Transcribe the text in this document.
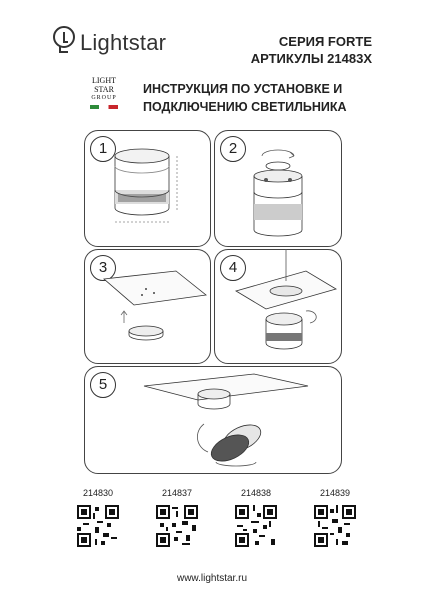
Lightstar	СЕРИЯ FORTE
АРТИКУЛЫ 21483X
LIGHT
STAR
GROUP
ИНСТРУКЦИЯ ПО УСТАНОВКЕ И
ПОДКЛЮЧЕНИЮ СВЕТИЛЬНИКА
1	2
3	4
5
214830	214837	214838	214839
www.lightstar.ru
